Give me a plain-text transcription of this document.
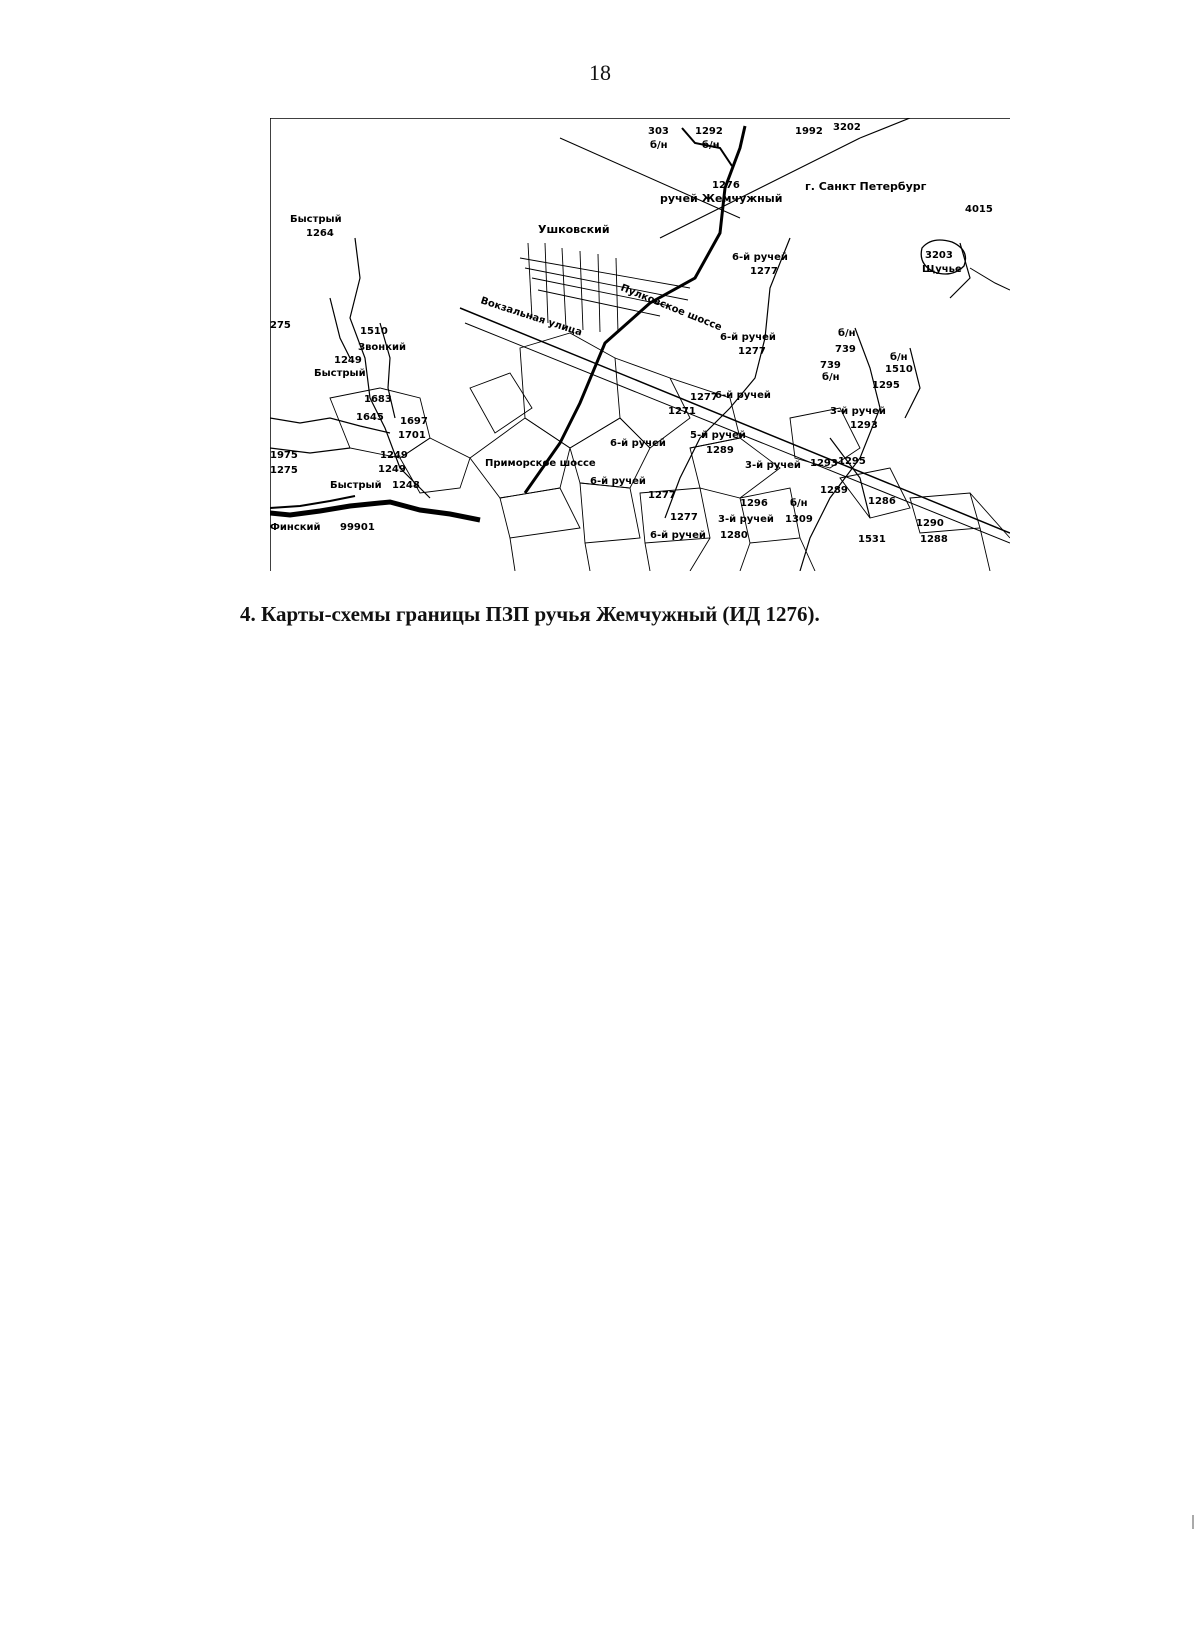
18
303	1292
б/н	б/н
1992 3202
1276
ручей Жемчужный
г. Санкт Петербург
4015
Быстрый
1264	Ушковский
3203
Щучье
6-й ручей
1277
275
1510
Звонкий
1249
Быстрый
6-й ручей
1277
б/н
739
739
б/н
б/н
1510
1295
1683
1645 1697
1701
1277
6-й ручей
1271	3-й ручей
1293
5-й ручей
6-й ручей
1289
1975	1249
3-й ручей 1293 1295
1275	1249
6-й ручей
Быстрый 1248	1289
1277
1286
б/н
1296
1277 3-й ручей 1309
Финский 99901	1290
6-й ручей 1280	1531	1288
Пулковское шоссе
Вокзальная улица
Приморское шоссе
4. Карты-схемы границы ПЗП ручья Жемчужный (ИД 1276).
